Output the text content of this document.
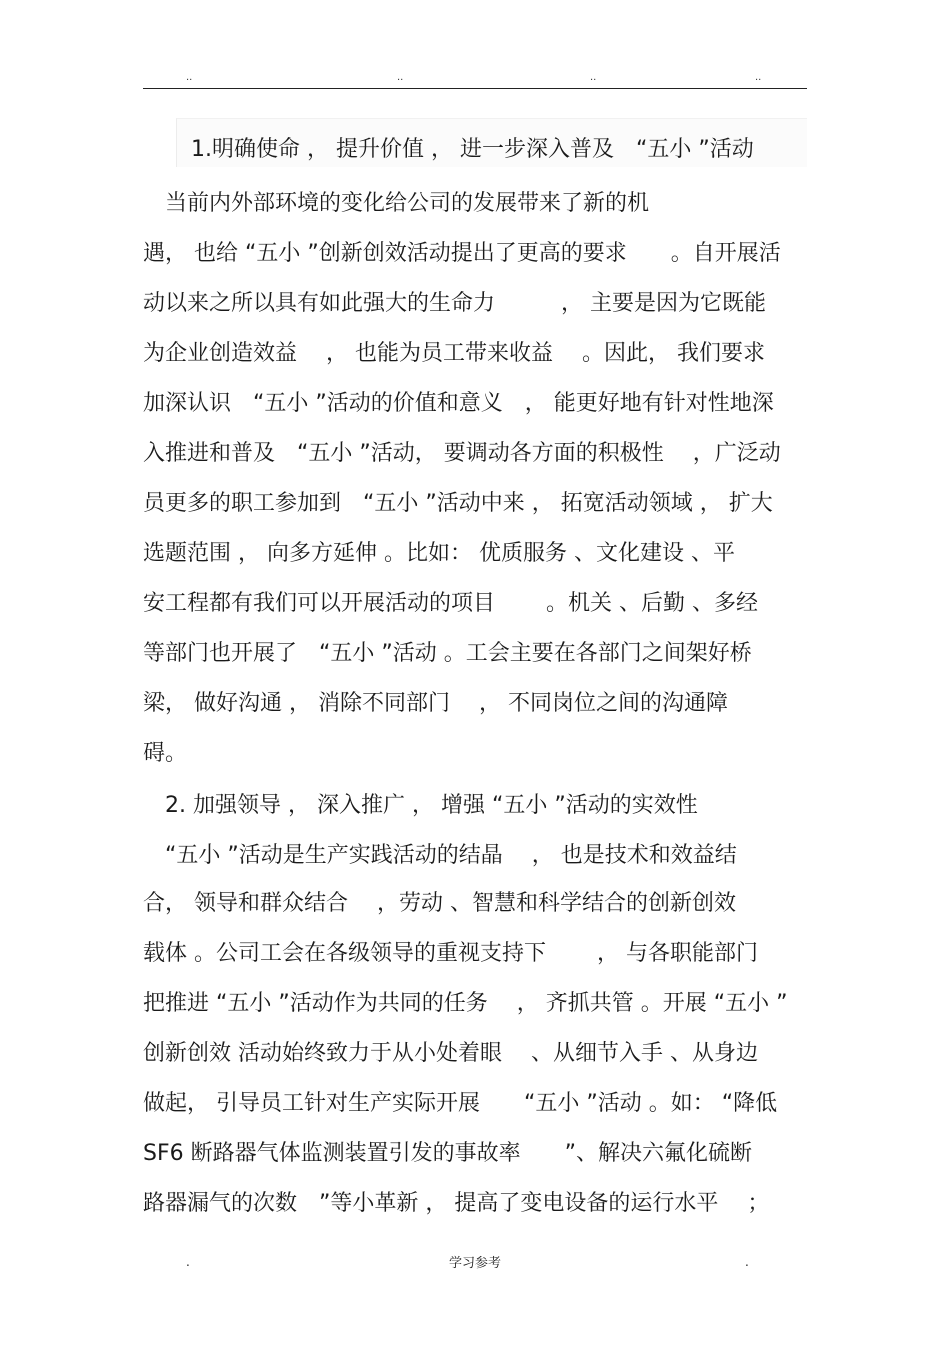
..	..	..	..
1.明确使命 ， 提升价值 ， 进一步深入普及　“五小 ”活动
　当前内外部环境的变化给公司的发展带来了新的机
遇， 也给 “五小 ”创新创效活动提出了更高的要求　　。自开展活
动以来之所以具有如此强大的生命力　　　， 主要是因为它既能
为企业创造效益　 ， 也能为员工带来收益　 。因此， 我们要求
加深认识　“五小 ”活动的价值和意义　， 能更好地有针对性地深
入推进和普及　“五小 ”活动， 要调动各方面的积极性　 ，广泛动
员更多的职工参加到　“五小 ”活动中来 ， 拓宽活动领域 ， 扩大
选题范围 ， 向多方延伸 。比如： 优质服务 、文化建设 、平
安工程都有我们可以开展活动的项目　　 。机关 、后勤 、多经
等部门也开展了　“五小 ”活动 。工会主要在各部门之间架好桥
梁， 做好沟通 ， 消除不同部门　 ， 不同岗位之间的沟通障
碍。
　2. 加强领导 ， 深入推广 ， 增强 “五小 ”活动的实效性
　“五小 ”活动是生产实践活动的结晶　 ， 也是技术和效益结
合， 领导和群众结合　 ，劳动 、智慧和科学结合的创新创效
载体 。公司工会在各级领导的重视支持下　　 ， 与各职能部门
把推进 “五小 ”活动作为共同的任务　 ， 齐抓共管 。开展 “五小 ”
创新创效 活动始终致力于从小处着眼　 、从细节入手 、从身边
做起， 引导员工针对生产实际开展　　“五小 ”活动 。如： “降低
SF6 断路器气体监测装置引发的事故率　　”、解决六氟化硫断
路器漏气的次数　”等小革新 ， 提高了变电设备的运行水平　 ；
.	学习参考	.
